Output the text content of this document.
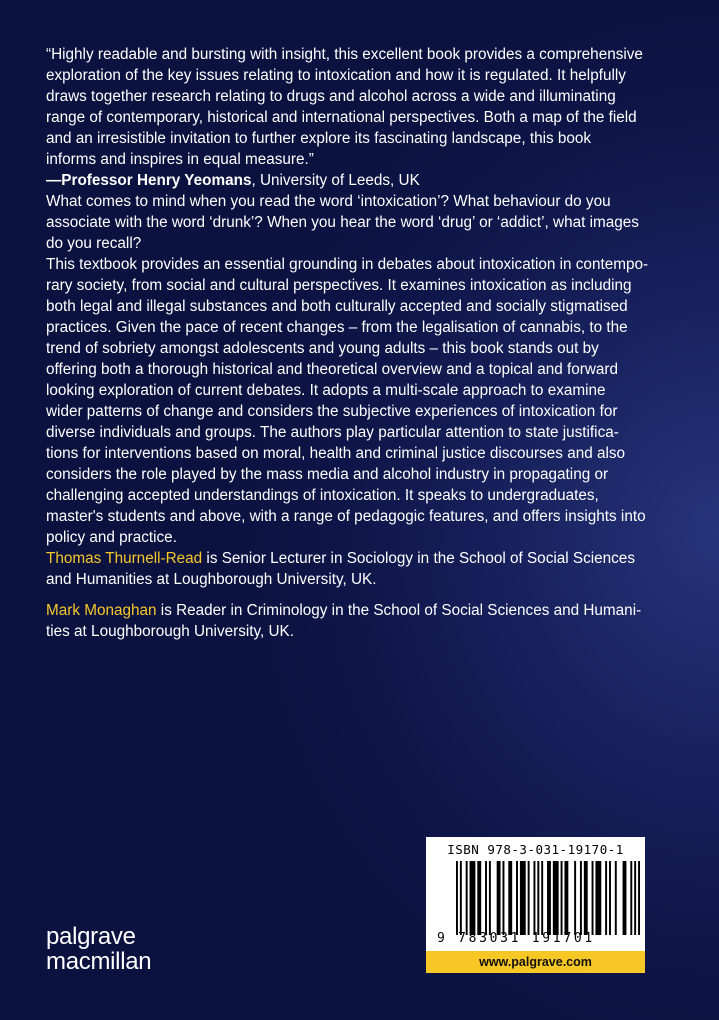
“Highly readable and bursting with insight, this excellent book provides a comprehensive
exploration of the key issues relating to intoxication and how it is regulated. It helpfully
draws together research relating to drugs and alcohol across a wide and illuminating
range of contemporary, historical and international perspectives. Both a map of the field
and an irresistible invitation to further explore its fascinating landscape, this book
informs and inspires in equal measure.”

—Professor Henry Yeomans, University of Leeds, UK

What comes to mind when you read the word ‘intoxication’? What behaviour do you
associate with the word ‘drunk’? When you hear the word ‘drug’ or ‘addict’, what images
do you recall?

This textbook provides an essential grounding in debates about intoxication in contempo-
rary society, from social and cultural perspectives. It examines intoxication as including
both legal and illegal substances and both culturally accepted and socially stigmatised
practices. Given the pace of recent changes – from the legalisation of cannabis, to the
trend of sobriety amongst adolescents and young adults – this book stands out by
offering both a thorough historical and theoretical overview and a topical and forward
looking exploration of current debates. It adopts a multi-scale approach to examine
wider patterns of change and considers the subjective experiences of intoxication for
diverse individuals and groups. The authors play particular attention to state justifica-
tions for interventions based on moral, health and criminal justice discourses and also
considers the role played by the mass media and alcohol industry in propagating or
challenging accepted understandings of intoxication. It speaks to undergraduates,
master's students and above, with a range of pedagogic features, and offers insights into
policy and practice.

Thomas Thurnell-Read is Senior Lecturer in Sociology in the School of Social Sciences
and Humanities at Loughborough University, UK.

Mark Monaghan is Reader in Criminology in the School of Social Sciences and Humani-
ties at Loughborough University, UK.

palgrave
macmillan
ISBN 978-3-031-19170-1
9 783031 191701
www.palgrave.com
